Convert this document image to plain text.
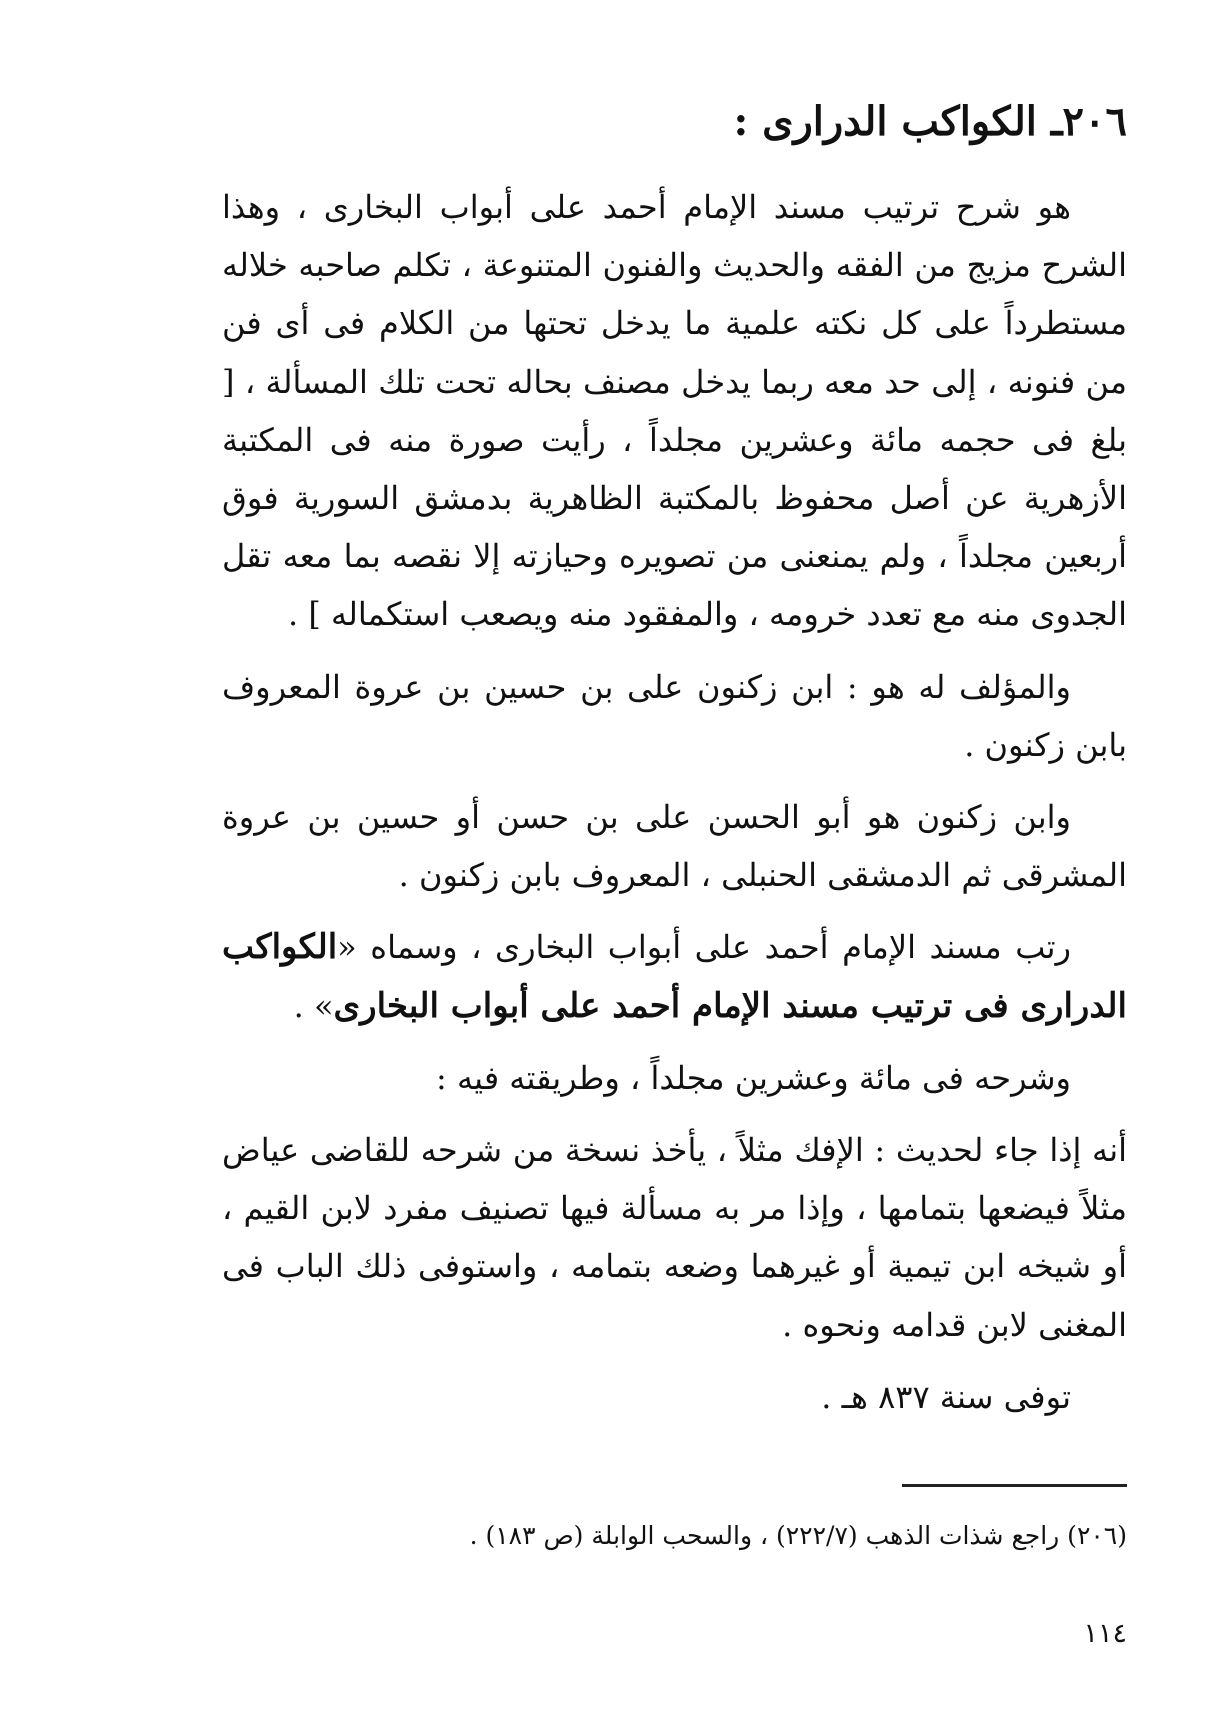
٢٠٦ـ الكواكب الدرارى :

هو شرح ترتيب مسند الإمام أحمد على أبواب البخارى ، وهذا الشرح مزيج من الفقه والحديث والفنون المتنوعة ، تكلم صاحبه خلاله مستطرداً على كل نكته علمية ما يدخل تحتها من الكلام فى أى فن من فنونه ، إلى حد معه ربما يدخل مصنف بحاله تحت تلك المسألة ، [ بلغ فى حجمه مائة وعشرين مجلداً ، رأيت صورة منه فى المكتبة الأزهرية عن أصل محفوظ بالمكتبة الظاهرية بدمشق السورية فوق أربعين مجلداً ، ولم يمنعنى من تصويره وحيازته إلا نقصه بما معه تقل الجدوى منه مع تعدد خرومه ، والمفقود منه ويصعب استكماله ] .

والمؤلف له هو : ابن زكنون على بن حسين بن عروة المعروف بابن زكنون .

وابن زكنون هو أبو الحسن على بن حسن أو حسين بن عروة المشرقى ثم الدمشقى الحنبلى ، المعروف بابن زكنون .

رتب مسند الإمام أحمد على أبواب البخارى ، وسماه «الكواكب الدرارى فى ترتيب مسند الإمام أحمد على أبواب البخارى» .

وشرحه فى مائة وعشرين مجلداً ، وطريقته فيه :

أنه إذا جاء لحديث : الإفك مثلاً ، يأخذ نسخة من شرحه للقاضى عياض مثلاً فيضعها بتمامها ، وإذا مر به مسألة فيها تصنيف مفرد لابن القيم ، أو شيخه ابن تيمية أو غيرهما وضعه بتمامه ، واستوفى ذلك الباب فى المغنى لابن قدامه ونحوه .

توفى سنة ٨٣٧ هـ .

(٢٠٦) راجع شذات الذهب (٢٢٢/٧) ، والسحب الوابلة (ص ١٨٣) .
١١٤
